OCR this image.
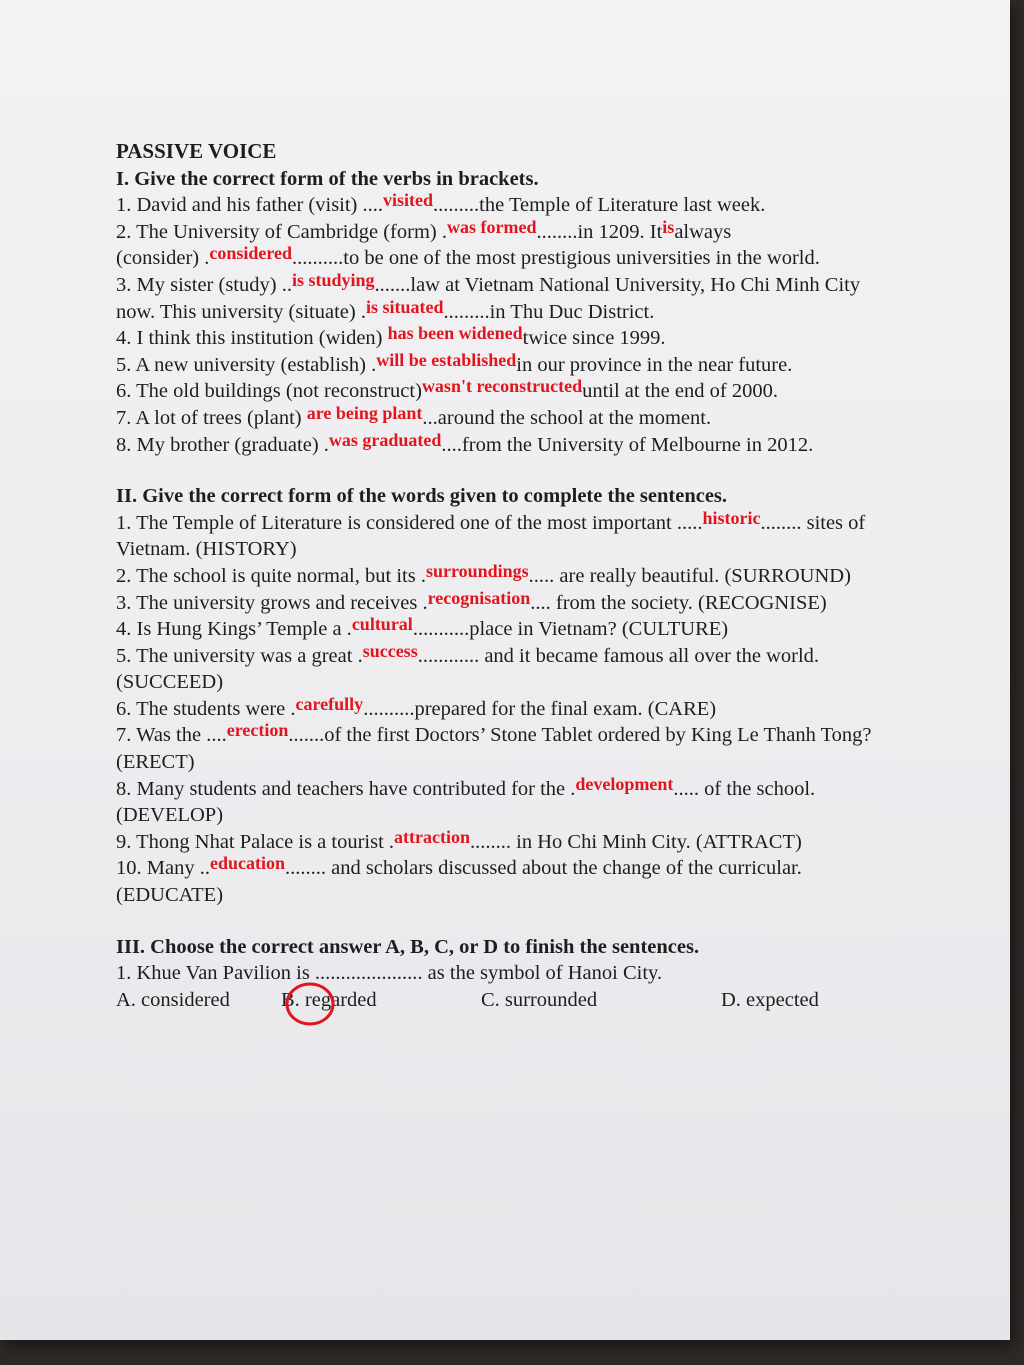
PASSIVE VOICE
I. Give the correct form of the verbs in brackets.
1. David and his father (visit) ....visited.........the Temple of Literature last week.
2. The University of Cambridge (form) .was formed........in 1209. Itisalways
(consider) .considered..........to be one of the most prestigious universities in the world.
3. My sister (study) ..is studying.......law at Vietnam National University, Ho Chi Minh City now. This university (situate) .is situated.........in Thu Duc District.
4. I think this institution (widen) has been widenedtwice since 1999.
5. A new university (establish) .will be establishedin our province in the near future.
6. The old buildings (not reconstruct)wasn't reconstructeduntil at the end of 2000.
7. A lot of trees (plant) are being plant...around the school at the moment.
8. My brother (graduate) .was graduated....from the University of Melbourne in 2012.
II. Give the correct form of the words given to complete the sentences.
1. The Temple of Literature is considered one of the most important .....historic........ sites of Vietnam. (HISTORY)
2. The school is quite normal, but its .surroundings..... are really beautiful. (SURROUND)
3. The university grows and receives .recognisation.... from the society. (RECOGNISE)
4. Is Hung Kings’ Temple a .cultural...........place in Vietnam? (CULTURE)
5. The university was a great .success............ and it became famous all over the world. (SUCCEED)
6. The students were .carefully..........prepared for the final exam. (CARE)
7. Was the ....erection.......of the first Doctors’ Stone Tablet ordered by King Le Thanh Tong? (ERECT)
8. Many students and teachers have contributed for the .development..... of the school. (DEVELOP)
9. Thong Nhat Palace is a tourist .attraction........ in Ho Chi Minh City. (ATTRACT)
10. Many ..education........ and scholars discussed about the change of the curricular. (EDUCATE)
III. Choose the correct answer A, B, C, or D to finish the sentences.
1. Khue Van Pavilion is ..................... as the symbol of Hanoi City.
A. considered	B. regarded	C. surrounded	D. expected
